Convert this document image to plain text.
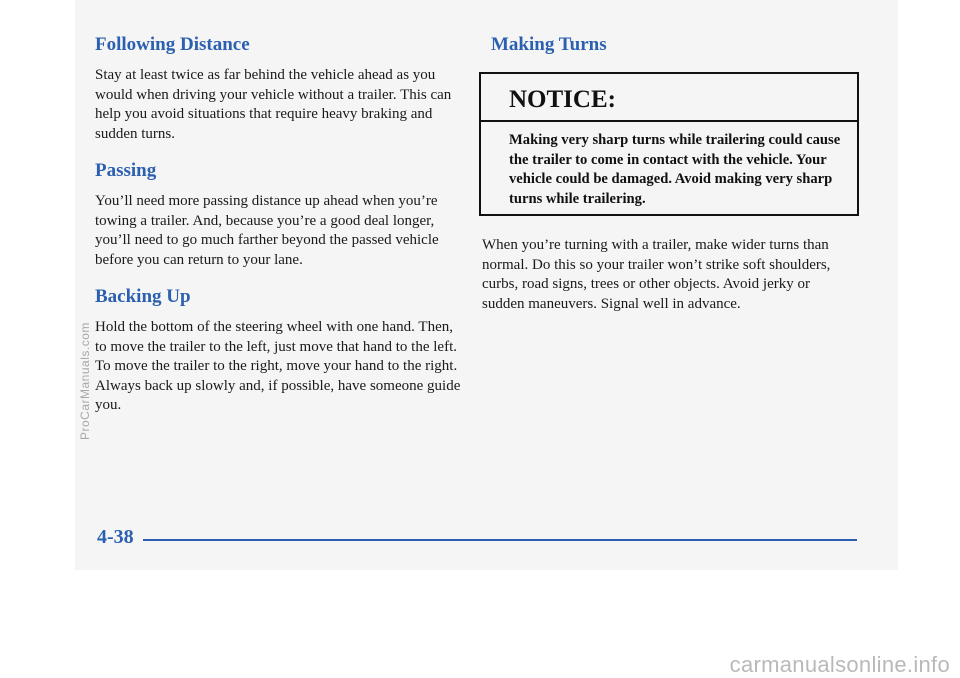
Following Distance

Stay at least twice as far behind the vehicle ahead as you would when driving your vehicle without a trailer. This can help you avoid situations that require heavy braking and sudden turns.

Passing

You’ll need more passing distance up ahead when you’re towing a trailer. And, because you’re a good deal longer, you’ll need to go much farther beyond the passed vehicle before you can return to your lane.

Backing Up

Hold the bottom of the steering wheel with one hand. Then, to move the trailer to the left, just move that hand to the left. To move the trailer to the right, move your hand to the right. Always back up slowly and, if possible, have someone guide you.

Making Turns
NOTICE:
Making very sharp turns while trailering could cause the trailer to come in contact with the vehicle. Your vehicle could be damaged. Avoid making very sharp turns while trailering.

When you’re turning with a trailer, make wider turns than normal. Do this so your trailer won’t strike soft shoulders, curbs, road signs, trees or other objects. Avoid jerky or sudden maneuvers. Signal well in advance.

4-38
ProCarManuals.com
carmanualsonline.info
